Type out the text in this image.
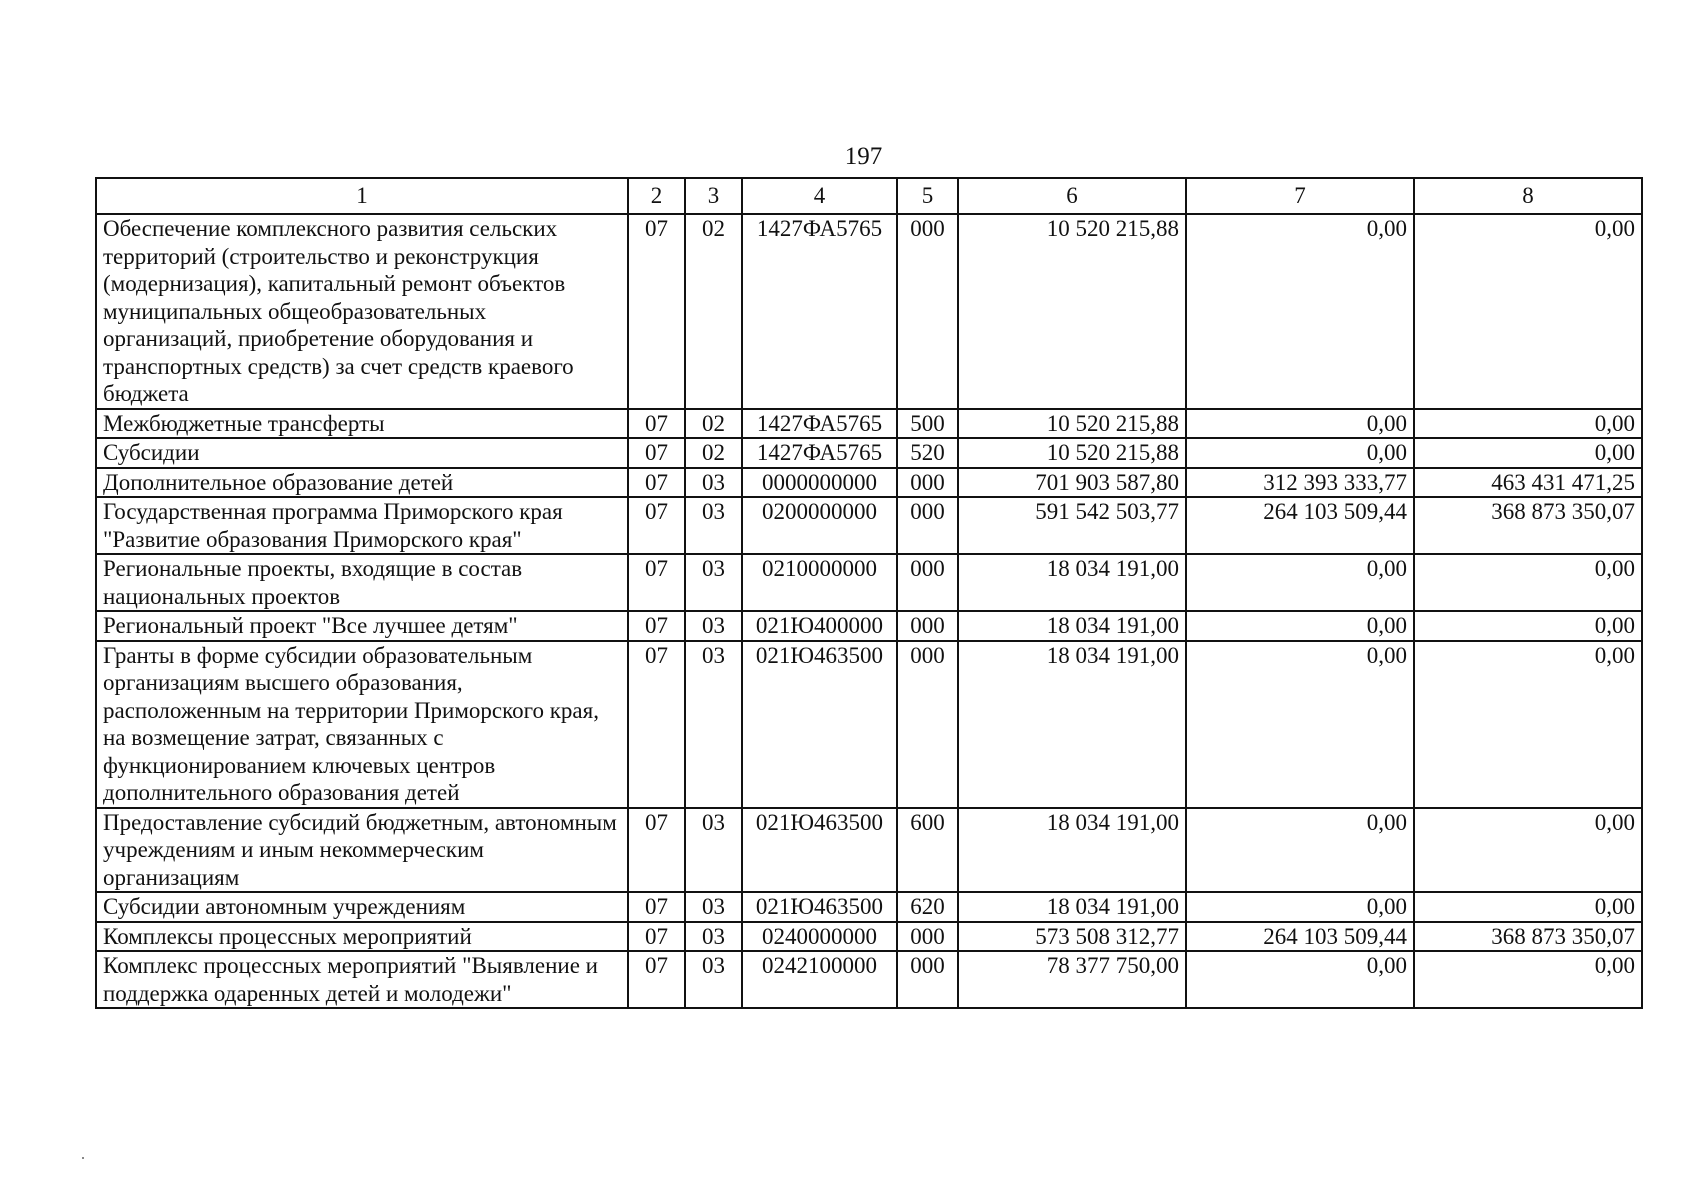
197
1	2	3	4	5	6	7	8
Обеспечение комплексного развития сельских территорий (строительство и реконструкция (модернизация), капитальный ремонт объектов муниципальных общеобразовательных организаций, приобретение оборудования и транспортных средств) за счет средств краевого бюджета	07	02	1427ФА5765	000	10 520 215,88	0,00	0,00
Межбюджетные трансферты	07	02	1427ФА5765	500	10 520 215,88	0,00	0,00
Субсидии	07	02	1427ФА5765	520	10 520 215,88	0,00	0,00
Дополнительное образование детей	07	03	0000000000	000	701 903 587,80	312 393 333,77	463 431 471,25
Государственная программа Приморского края "Развитие образования Приморского края"	07	03	0200000000	000	591 542 503,77	264 103 509,44	368 873 350,07
Региональные проекты, входящие в состав национальных проектов	07	03	0210000000	000	18 034 191,00	0,00	0,00
Региональный проект "Все лучшее детям"	07	03	021Ю400000	000	18 034 191,00	0,00	0,00
Гранты в форме субсидии образовательным организациям высшего образования, расположенным на территории Приморского края, на возмещение затрат, связанных с функционированием ключевых центров дополнительного образования детей	07	03	021Ю463500	000	18 034 191,00	0,00	0,00
Предоставление субсидий бюджетным, автономным учреждениям и иным некоммерческим организациям	07	03	021Ю463500	600	18 034 191,00	0,00	0,00
Субсидии автономным учреждениям	07	03	021Ю463500	620	18 034 191,00	0,00	0,00
Комплексы процессных мероприятий	07	03	0240000000	000	573 508 312,77	264 103 509,44	368 873 350,07
Комплекс процессных мероприятий "Выявление и поддержка одаренных детей и молодежи"	07	03	0242100000	000	78 377 750,00	0,00	0,00
